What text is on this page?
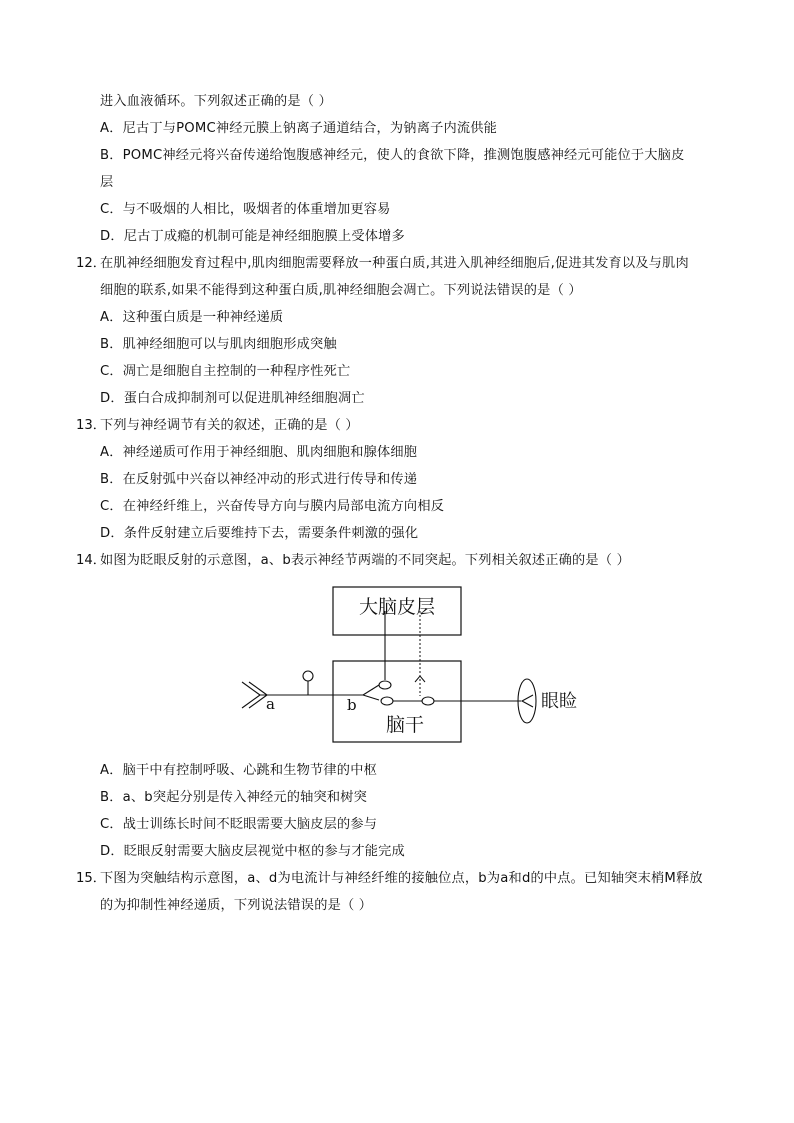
进入血液循环。下列叙述正确的是（ ）
A．尼古丁与POMC神经元膜上钠离子通道结合，为钠离子内流供能
B．POMC神经元将兴奋传递给饱腹感神经元，使人的食欲下降，推测饱腹感神经元可能位于大脑皮
层
C．与不吸烟的人相比，吸烟者的体重增加更容易
D．尼古丁成瘾的机制可能是神经细胞膜上受体增多
12．
在肌神经细胞发育过程中,肌肉细胞需要释放一种蛋白质,其进入肌神经细胞后,促进其发育以及与肌肉
细胞的联系,如果不能得到这种蛋白质,肌神经细胞会凋亡。下列说法错误的是（ ）
A．这种蛋白质是一种神经递质
B．肌神经细胞可以与肌肉细胞形成突触
C．凋亡是细胞自主控制的一种程序性死亡
D．蛋白合成抑制剂可以促进肌神经细胞凋亡
13．
下列与神经调节有关的叙述，正确的是（ ）
A．神经递质可作用于神经细胞、肌肉细胞和腺体细胞
B．在反射弧中兴奋以神经冲动的形式进行传导和传递
C．在神经纤维上，兴奋传导方向与膜内局部电流方向相反
D．条件反射建立后要维持下去，需要条件刺激的强化
14．
如图为眨眼反射的示意图，a、b表示神经节两端的不同突起。下列相关叙述正确的是（ ）
大脑皮层
脑干
a	b	眼睑
A．脑干中有控制呼吸、心跳和生物节律的中枢
B．a、b突起分别是传入神经元的轴突和树突
C．战士训练长时间不眨眼需要大脑皮层的参与
D．眨眼反射需要大脑皮层视觉中枢的参与才能完成
15．
下图为突触结构示意图，a、d为电流计与神经纤维的接触位点，b为a和d的中点。已知轴突末梢M释放
的为抑制性神经递质，下列说法错误的是（ ）
